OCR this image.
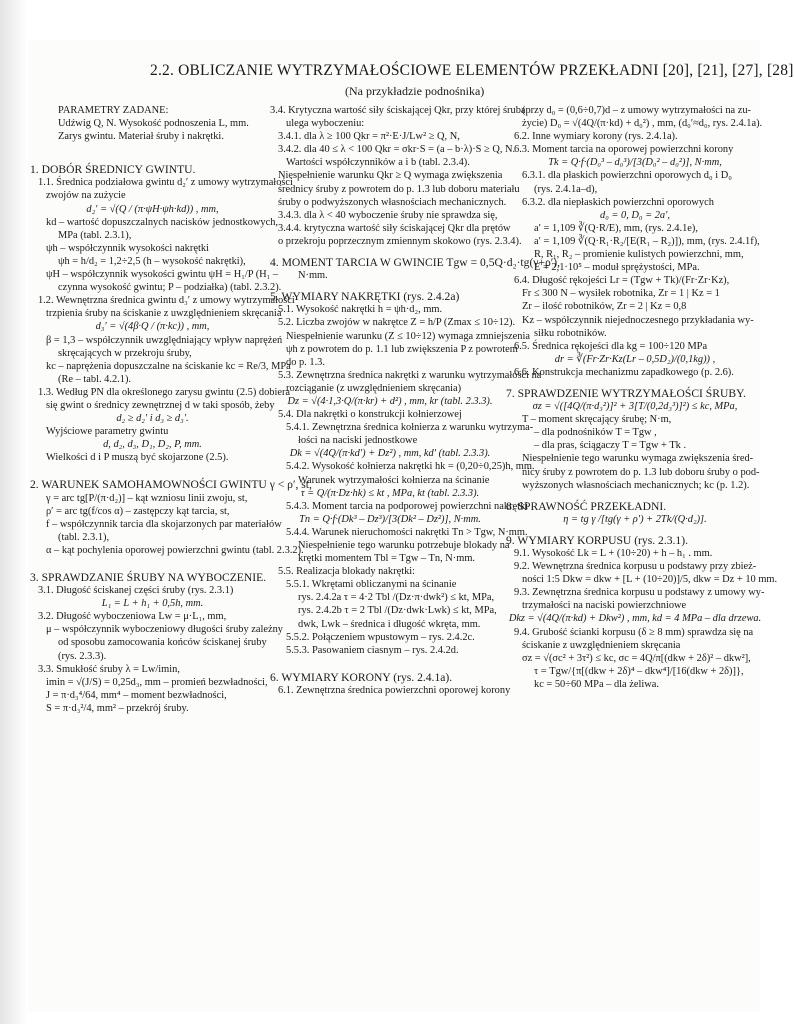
2.2. OBLICZANIE WYTRZYMAŁOŚCIOWE ELEMENTÓW PRZEKŁADNI [20], [21], [27], [28]
(Na przykładzie podnośnika)
PARAMETRY ZADANE:
Udźwig Q, N. Wysokość podnoszenia L, mm.
Zarys gwintu. Materiał śruby i nakrętki.
1. DOBÓR ŚREDNICY GWINTU.
1.1. Średnica podziałowa gwintu d₂′ z umowy wytrzymałości
zwojów na zużycie
d₂′ = √(Q / (π·ψH·ψh·kd)) , mm,
kd – wartość dopuszczalnych nacisków jednostkowych,
MPa (tabl. 2.3.1),
ψh – współczynnik wysokości nakrętki
ψh = h/d₂ = 1,2÷2,5 (h – wysokość nakrętki),
ψH – współczynnik wysokości gwintu ψH = H₁/P (H₁ –
czynna wysokość gwintu; P – podziałka) (tabl. 2.3.2).
1.2. Wewnętrzna średnica gwintu d₃′ z umowy wytrzymałości
trzpienia śruby na ściskanie z uwzględnieniem skręcania
d₃′ = √(4β·Q / (π·kc)) , mm,
β = 1,3 – współczynnik uwzględniający wpływ naprężeń
skręcających w przekroju śruby,
kc – naprężenia dopuszczalne na ściskanie kc = Re/3, MPa
(Re – tabl. 4.2.1).
1.3. Według PN dla określonego zarysu gwintu (2.5) dobiera
się gwint o średnicy zewnętrznej d w taki sposób, żeby
d₂ ≥ d₂′ i d₃ ≥ d₃′.
Wyjściowe parametry gwintu
d, d₂, d₃, D₁, D₂, P, mm.
Wielkości d i P muszą być skojarzone (2.5).
2. WARUNEK SAMOHAMOWNOŚCI GWINTU γ < ρ′, st,
γ = arc tg[P/(π·d₂)] – kąt wzniosu linii zwoju, st,
ρ′ = arc tg(f/cos α) – zastępczy kąt tarcia, st,
f – współczynnik tarcia dla skojarzonych par materiałów
(tabl. 2.3.1),
α – kąt pochylenia oporowej powierzchni gwintu (tabl. 2.3.2).
3. SPRAWDZANIE ŚRUBY NA WYBOCZENIE.
3.1. Długość ściskanej części śruby (rys. 2.3.1)
L₁ = L + h₁ + 0,5h, mm.
3.2. Długość wyboczeniowa Lw = μ·L₁, mm,
μ – współczynnik wyboczeniowy długości śruby zależny
od sposobu zamocowania końców ściskanej śruby
(rys. 2.3.3).
3.3. Smukłość śruby λ = Lw/imin,
imin = √(J/S) = 0,25d₃, mm – promień bezwładności,
J = π·d₃⁴/64, mm⁴ – moment bezwładności,
S = π·d₃²/4, mm² – przekrój śruby.
3.4. Krytyczna wartość siły ściskającej Qkr, przy której śruba
ulega wyboczeniu:
3.4.1. dla λ ≥ 100 Qkr = π²·E·J/Lw² ≥ Q, N,
3.4.2. dla 40 ≤ λ < 100 Qkr = σkr·S = (a – b·λ)·S ≥ Q, N.
Wartości współczynników a i b (tabl. 2.3.4).
Niespełnienie warunku Qkr ≥ Q wymaga zwiększenia
średnicy śruby z powrotem do p. 1.3 lub doboru materiału
śruby o podwyższonych własnościach mechanicznych.
3.4.3. dla λ < 40 wyboczenie śruby nie sprawdza się,
3.4.4. krytyczna wartość siły ściskającej Qkr dla prętów
o przekroju poprzecznym zmiennym skokowo (rys. 2.3.4).
4. MOMENT TARCIA W GWINCIE Tgw = 0,5Q·d₂·tg(γ+ρ′),
N·mm.
5. WYMIARY NAKRĘTKI (rys. 2.4.2a)
5.1. Wysokość nakrętki h = ψh·d₂, mm.
5.2. Liczba zwojów w nakrętce Z = h/P (Zmax ≤ 10÷12).
Niespełnienie warunku (Z ≤ 10÷12) wymaga zmniejszenia
ψh z powrotem do p. 1.1 lub zwiększenia P z powrotem
do p. 1.3.
5.3. Zewnętrzna średnica nakrętki z warunku wytrzymałości na
rozciąganie (z uwzględnieniem skręcania)
Dz = √(4·1,3·Q/(π·kr) + d²) , mm, kr (tabl. 2.3.3).
5.4. Dla nakrętki o konstrukcji kołnierzowej
5.4.1. Zewnętrzna średnica kołnierza z warunku wytrzyma-
łości na naciski jednostkowe
Dk = √(4Q/(π·kd′) + Dz²) , mm, kd′ (tabl. 2.3.3).
5.4.2. Wysokość kołnierza nakrętki hk = (0,20÷0,25)h, mm.
Warunek wytrzymałości kołnierza na ścinanie
τ = Q/(π·Dz·hk) ≤ kt , MPa, kt (tabl. 2.3.3).
5.4.3. Moment tarcia na podporowej powierzchni nakrętki
Tn = Q·f·(Dk³ – Dz³)/[3(Dk² – Dz²)], N·mm.
5.4.4. Warunek nieruchomości nakrętki Tn > Tgw, N·mm.
Niespełnienie tego warunku potrzebuje blokady na
krętki momentem Tbl = Tgw – Tn, N·mm.
5.5. Realizacja blokady nakrętki:
5.5.1. Wkrętami obliczanymi na ścinanie
rys. 2.4.2a τ = 4·2 Tbl /(Dz·π·dwk²) ≤ kt, MPa,
rys. 2.4.2b τ = 2 Tbl /(Dz·dwk·Lwk) ≤ kt, MPa,
dwk, Lwk – średnica i długość wkręta, mm.
5.5.2. Połączeniem wpustowym – rys. 2.4.2c.
5.5.3. Pasowaniem ciasnym – rys. 2.4.2d.
6. WYMIARY KORONY (rys. 2.4.1a).
6.1. Zewnętrzna średnica powierzchni oporowej korony
(przy d₀ = (0,6÷0,7)d – z umowy wytrzymałości na zu-
życie) D₀ = √(4Q/(π·kd) + d₀²) , mm, (d₀′≈d₀, rys. 2.4.1a).
6.2. Inne wymiary korony (rys. 2.4.1a).
6.3. Moment tarcia na oporowej powierzchni korony
Tk = Q·f·(D₀³ – d₀³)/[3(D₀² – d₀²)], N·mm,
6.3.1. dla płaskich powierzchni oporowych d₀ i D₀
(rys. 2.4.1a–d),
6.3.2. dla niepłaskich powierzchni oporowych
d₀ = 0, D₀ = 2a′,
a′ = 1,109 ∛(Q·R/E), mm, (rys. 2.4.1e),
a′ = 1,109 ∛(Q·R₁·R₂/[E(R₁ – R₂)]), mm, (rys. 2.4.1f),
R, R₁, R₂ – promienie kulistych powierzchni, mm,
E = 2,1·10⁵ – moduł sprężystości, MPa.
6.4. Długość rękojeści Lr = (Tgw + Tk)/(Fr·Zr·Kz),
Fr ≤ 300 N – wysiłek robotnika, Zr = 1 | Kz = 1
Zr – ilość robotników, Zr = 2 | Kz = 0,8
Kz – współczynnik niejednoczesnego przykładania wy-
siłku robotników.
6.5. Średnica rękojeści dla kg = 100÷120 MPa
dr = ∛(Fr·Zr·Kz(Lr – 0,5D₂)/(0,1kg)) ,
6.6. Konstrukcja mechanizmu zapadkowego (p. 2.6).
7. SPRAWDZENIE WYTRZYMAŁOŚCI ŚRUBY.
σz = √([4Q/(π·d₃²)]² + 3[T/(0,2d₃³)]²) ≤ kc, MPa,
T – moment skręcający śrubę; N·m,
– dla podnośników T = Tgw ,
– dla pras, ściągaczy T = Tgw + Tk .
Niespełnienie tego warunku wymaga zwiększenia śred-
nicy śruby z powrotem do p. 1.3 lub doboru śruby o pod-
wyższonych własnościach mechanicznych; kc (p. 1.2).
8. SPRAWNOŚĆ PRZEKŁADNI.
η = tg γ /[tg(γ + ρ′) + 2Tk/(Q·d₂)].
9. WYMIARY KORPUSU (rys. 2.3.1).
9.1. Wysokość Lk = L + (10÷20) + h – h₁ . mm.
9.2. Wewnętrzna średnica korpusu u podstawy przy zbież-
ności 1:5 Dkw = dkw + [L + (10÷20)]/5, dkw = Dz + 10 mm.
9.3. Zewnętrzna średnica korpusu u podstawy z umowy wy-
trzymałości na naciski powierzchniowe
Dkz = √(4Q/(π·kd) + Dkw²) , mm, kd = 4 MPa – dla drzewa.
9.4. Grubość ścianki korpusu (δ ≥ 8 mm) sprawdza się na
ściskanie z uwzględnieniem skręcania
σz = √(σc² + 3τ²) ≤ kc, σc = 4Q/π[(dkw + 2δ)² – dkw²],
τ = Tgw/{π[(dkw + 2δ)⁴ – dkw⁴]/[16(dkw + 2δ)]},
kc = 50÷60 MPa – dla żeliwa.
